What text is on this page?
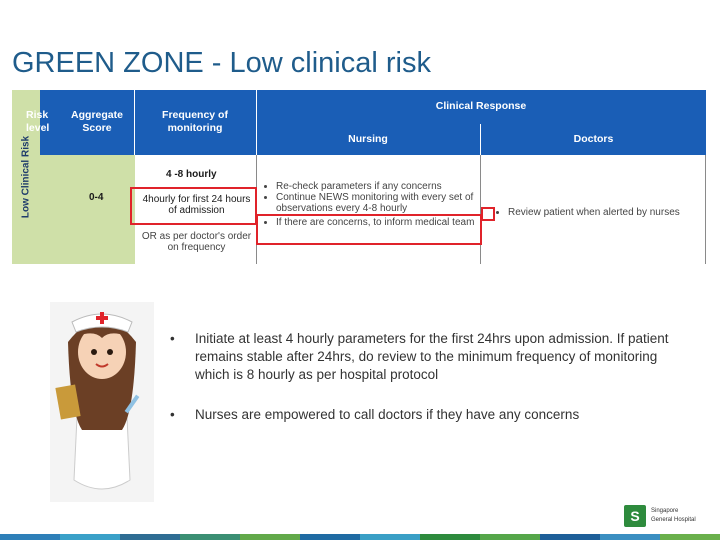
GREEN ZONE - Low clinical risk
Low Clinical Risk
Risk level
Aggregate Score
Frequency of monitoring
Clinical Response
Nursing	Doctors
0-4
4 -8 hourly
4hourly for first 24 hours of admission
OR as per doctor's order on frequency
• Re-check parameters if any concerns
• Continue NEWS monitoring with every set of observations every 4-8 hourly
• If there are concerns, to inform medical team
• Review patient when alerted by nurses
• Initiate at least 4 hourly parameters for the first 24hrs upon admission. If patient remains stable after 24hrs, do review to the minimum frequency of monitoring which is 8 hourly as per hospital protocol
• Nurses are empowered to call doctors if they have any concerns
S	Singapore
General Hospital
